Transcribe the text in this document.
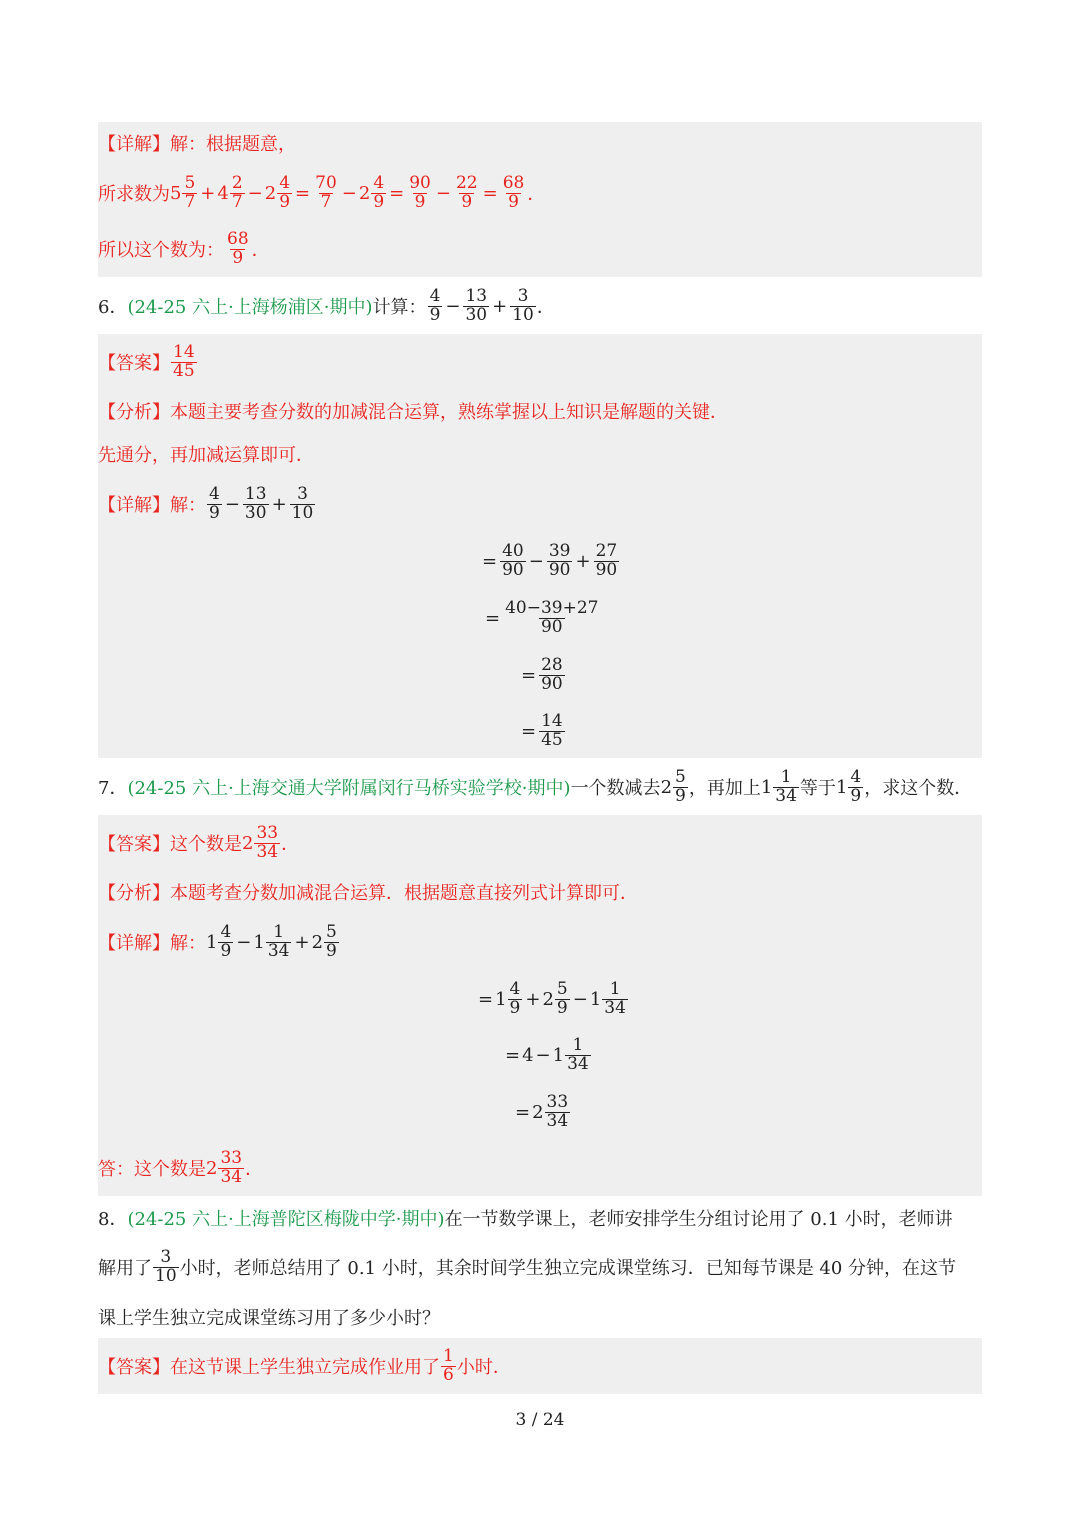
【详解】 解：根据题意，
所求数为 $5 \frac{5}{7} + 4 \frac{2}{7} - 2 \frac{4}{9} = \frac{70}{7} - 2 \frac{4}{9} = \frac{90}{9} - \frac{22}{9} = \frac{68}{9}$ ．
所以这个数为： $\frac{68}{9}$ ．
6． (24-25 六上·上海杨浦区·期中) 计算： $\frac{4}{9} - \frac{13}{30} + \frac{3}{10}$ ．
【答案】 $\frac{14}{45}$
【分析】 本题主要考查分数的加减混合运算，熟练掌握以上知识是解题的关键．
先通分，再加减运算即可．
【详解】 解： $\frac{4}{9} - \frac{13}{30} + \frac{3}{10}$
= $\frac{40}{90} - \frac{39}{90} + \frac{27}{90}$
= $\frac{40-39+27}{90}$
= $\frac{28}{90}$
= $\frac{14}{45}$
7． (24-25 六上·上海交通大学附属闵行马桥实验学校·期中) 一个数减去 $2 \frac{5}{9}$ ，再加上 $1 \frac{1}{34}$ 等于 $1 \frac{4}{9}$ ，求这个数．
【答案】 这个数是 $2 \frac{33}{34}$ ．
【分析】 本题考查分数加减混合运算．根据题意直接列式计算即可．
【详解】 解： $1 \frac{4}{9} - 1 \frac{1}{34} + 2 \frac{5}{9}$
= $1 \frac{4}{9} + 2 \frac{5}{9} - 1 \frac{1}{34}$
= $4 - 1 \frac{1}{34}$
= $2 \frac{33}{34}$
答：这个数是 $2 \frac{33}{34}$ ．
8． (24-25 六上·上海普陀区梅陇中学·期中) 在一节数学课上，老师安排学生分组讨论用了 0.1 小时，老师讲
解用了 $\frac{3}{10}$ 小时，老师总结用了 0.1 小时，其余时间学生独立完成课堂练习．已知每节课是 40 分钟，在这节
课上学生独立完成课堂练习用了多少小时？
【答案】 在这节课上学生独立完成作业用了 $\frac{1}{6}$ 小时．
3 / 24
